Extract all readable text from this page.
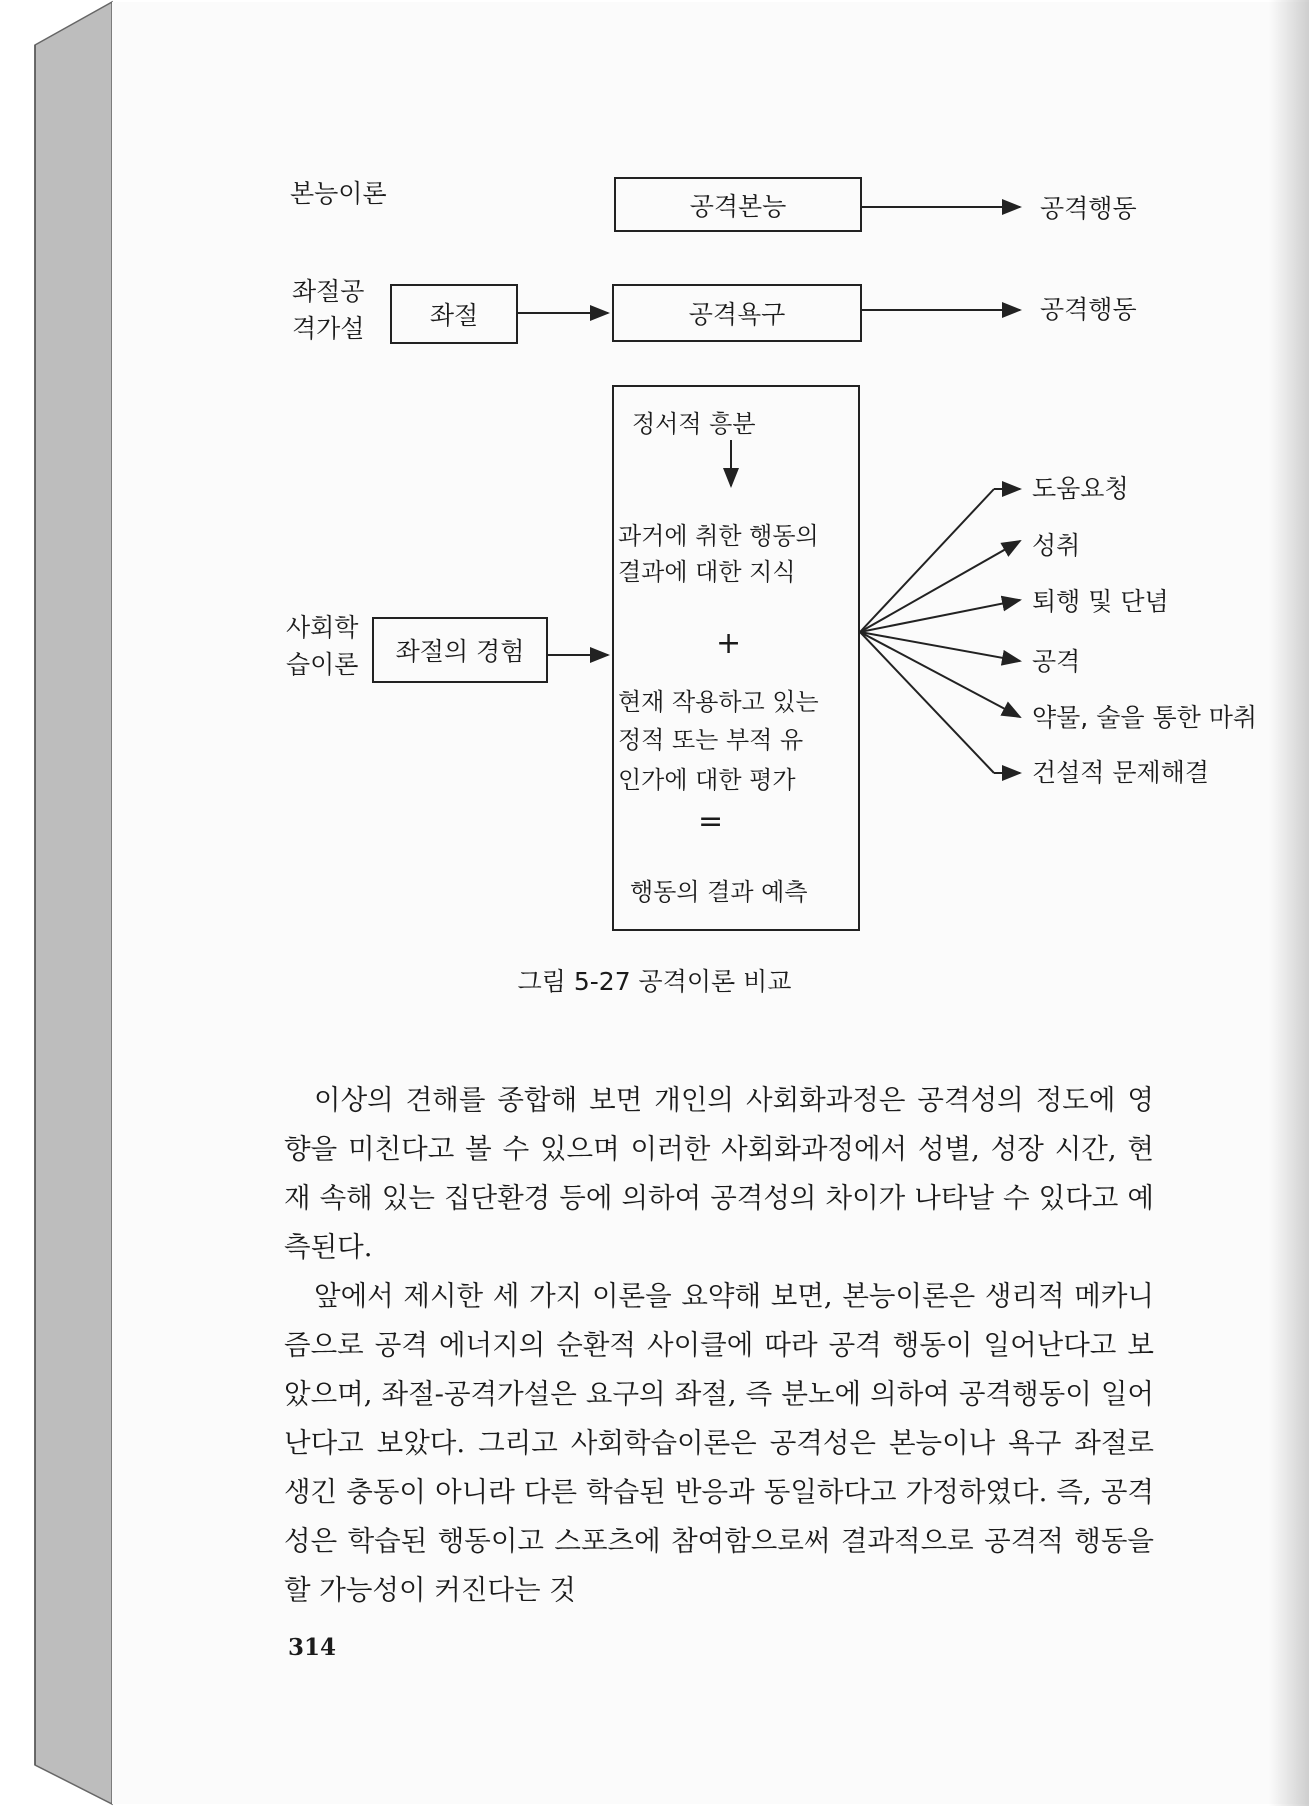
본능이론	공격본능	공격행동
좌절공
격가설	좌절	공격욕구	공격행동
사회학
습이론	좌절의 경험
정서적 흥분
과거에 취한 행동의
결과에 대한 지식
+
현재 작용하고 있는
정적 또는 부적 유
인가에 대한 평가
=
행동의 결과 예측
도움요청
성취
퇴행 및 단념
공격
약물, 술을 통한 마취
건설적 문제해결
그림 5-27 공격이론 비교

이상의 견해를 종합해 보면 개인의 사회화과정은 공격성의 정도에 영향을 미친다고 볼 수 있으며 이러한 사회화과정에서 성별, 성장 시간, 현재 속해 있는 집단환경 등에 의하여 공격성의 차이가 나타날 수 있다고 예측된다.

앞에서 제시한 세 가지 이론을 요약해 보면, 본능이론은 생리적 메카니즘으로 공격 에너지의 순환적 사이클에 따라 공격 행동이 일어난다고 보았으며, 좌절-공격가설은 요구의 좌절, 즉 분노에 의하여 공격행동이 일어난다고 보았다. 그리고 사회학습이론은 공격성은 본능이나 욕구 좌절로 생긴 충동이 아니라 다른 학습된 반응과 동일하다고 가정하였다. 즉, 공격성은 학습된 행동이고 스포츠에 참여함으로써 결과적으로 공격적 행동을 할 가능성이 커진다는 것

314
